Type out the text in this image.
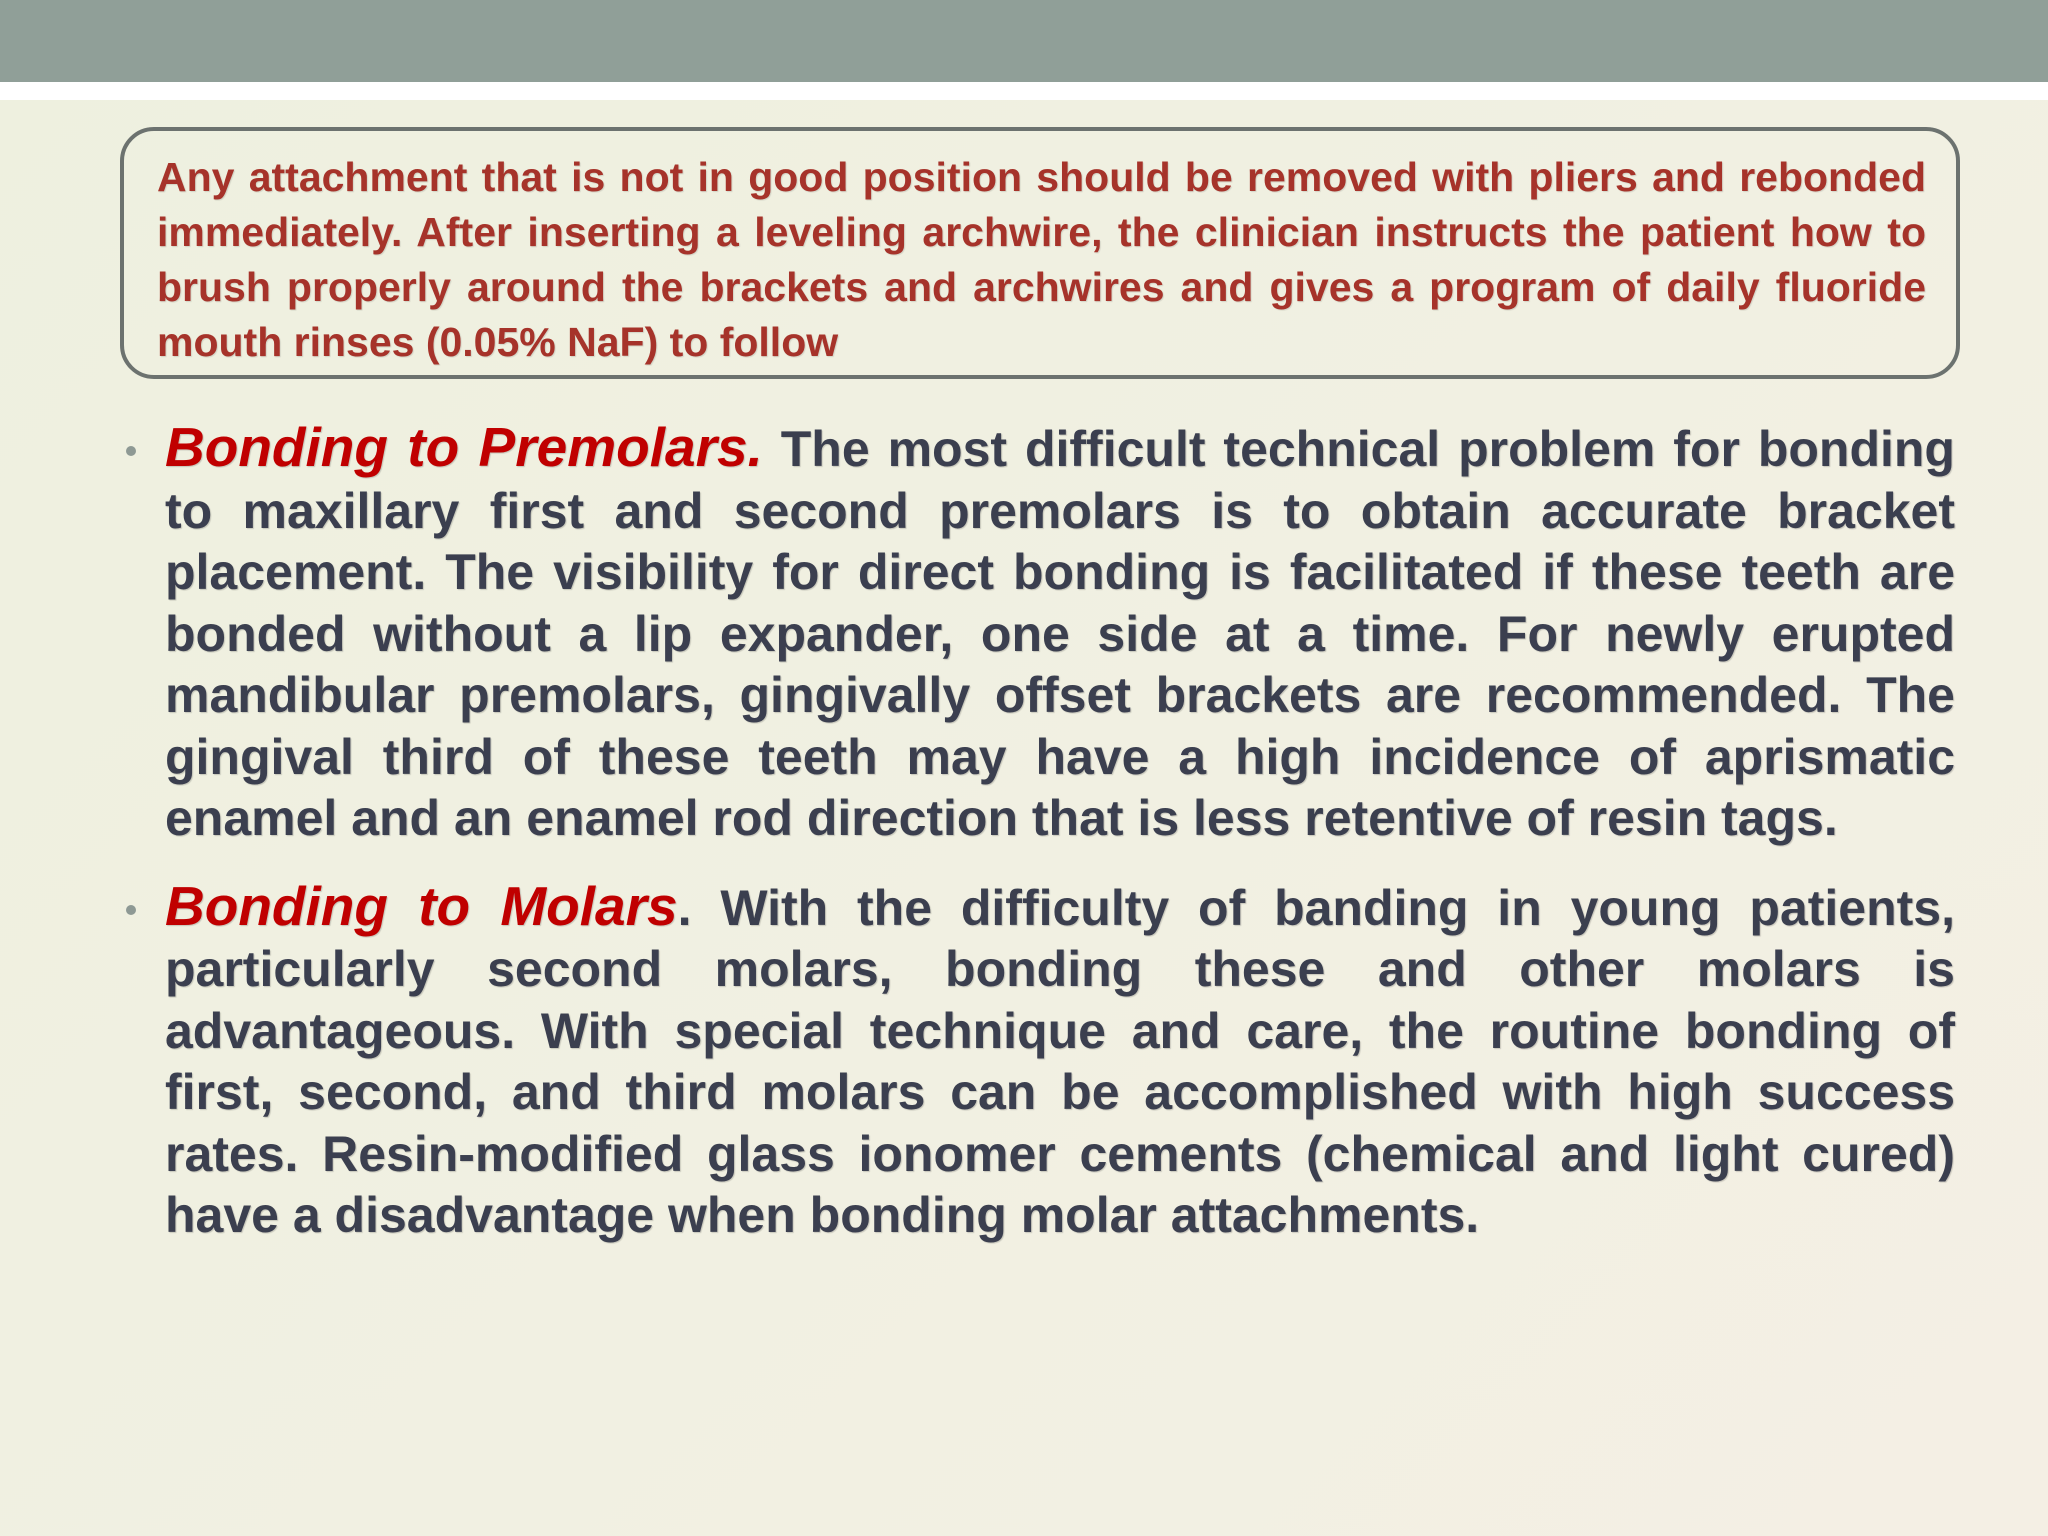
Any attachment that is not in good position should be removed with pliers and rebonded immediately. After inserting a leveling archwire, the clinician instructs the patient how to brush properly around the brackets and archwires and gives a program of daily fluoride mouth rinses (0.05% NaF) to follow

Bonding to Premolars. The most difficult technical problem for bonding to maxillary first and second premolars is to obtain accurate bracket placement. The visibility for direct bonding is facilitated if these teeth are bonded without a lip expander, one side at a time. For newly erupted mandibular premolars, gingivally offset brackets are recommended. The gingival third of these teeth may have a high incidence of aprismatic enamel and an enamel rod direction that is less retentive of resin tags.

Bonding to Molars. With the difficulty of banding in young patients, particularly second molars, bonding these and other molars is advantageous. With special technique and care, the routine bonding of first, second, and third molars can be accomplished with high success rates. Resin-modified glass ionomer cements (chemical and light cured) have a disadvantage when bonding molar attachments.
